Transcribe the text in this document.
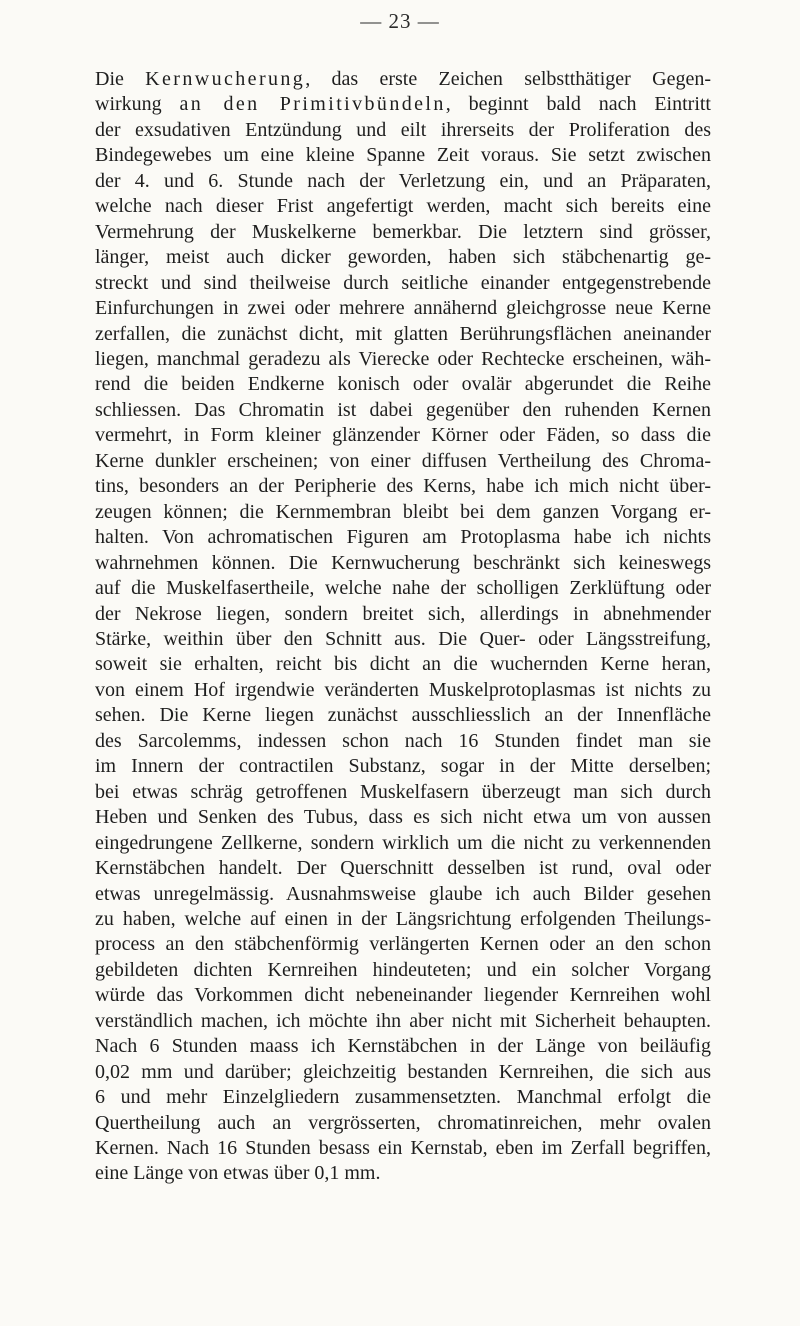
— 23 —
Die Kernwucherung, das erste Zeichen selbstthätiger Gegen-
wirkung an den Primitivbündeln, beginnt bald nach Eintritt
der exsudativen Entzündung und eilt ihrerseits der Proliferation des
Bindegewebes um eine kleine Spanne Zeit voraus. Sie setzt zwischen
der 4. und 6. Stunde nach der Verletzung ein, und an Präparaten,
welche nach dieser Frist angefertigt werden, macht sich bereits eine
Vermehrung der Muskelkerne bemerkbar. Die letztern sind grösser,
länger, meist auch dicker geworden, haben sich stäbchenartig ge-
streckt und sind theilweise durch seitliche einander entgegenstrebende
Einfurchungen in zwei oder mehrere annähernd gleichgrosse neue Kerne
zerfallen, die zunächst dicht, mit glatten Berührungsflächen aneinander
liegen, manchmal geradezu als Vierecke oder Rechtecke erscheinen, wäh-
rend die beiden Endkerne konisch oder ovalär abgerundet die Reihe
schliessen. Das Chromatin ist dabei gegenüber den ruhenden Kernen
vermehrt, in Form kleiner glänzender Körner oder Fäden, so dass die
Kerne dunkler erscheinen; von einer diffusen Vertheilung des Chroma-
tins, besonders an der Peripherie des Kerns, habe ich mich nicht über-
zeugen können; die Kernmembran bleibt bei dem ganzen Vorgang er-
halten. Von achromatischen Figuren am Protoplasma habe ich nichts
wahrnehmen können. Die Kernwucherung beschränkt sich keineswegs
auf die Muskelfasertheile, welche nahe der scholligen Zerklüftung oder
der Nekrose liegen, sondern breitet sich, allerdings in abnehmender
Stärke, weithin über den Schnitt aus. Die Quer- oder Längsstreifung,
soweit sie erhalten, reicht bis dicht an die wuchernden Kerne heran,
von einem Hof irgendwie veränderten Muskelprotoplasmas ist nichts zu
sehen. Die Kerne liegen zunächst ausschliesslich an der Innenfläche
des Sarcolemms, indessen schon nach 16 Stunden findet man sie
im Innern der contractilen Substanz, sogar in der Mitte derselben;
bei etwas schräg getroffenen Muskelfasern überzeugt man sich durch
Heben und Senken des Tubus, dass es sich nicht etwa um von aussen
eingedrungene Zellkerne, sondern wirklich um die nicht zu verkennenden
Kernstäbchen handelt. Der Querschnitt desselben ist rund, oval oder
etwas unregelmässig. Ausnahmsweise glaube ich auch Bilder gesehen
zu haben, welche auf einen in der Längsrichtung erfolgenden Theilungs-
process an den stäbchenförmig verlängerten Kernen oder an den schon
gebildeten dichten Kernreihen hindeuteten; und ein solcher Vorgang
würde das Vorkommen dicht nebeneinander liegender Kernreihen wohl
verständlich machen, ich möchte ihn aber nicht mit Sicherheit behaupten.
Nach 6 Stunden maass ich Kernstäbchen in der Länge von beiläufig
0,02 mm und darüber; gleichzeitig bestanden Kernreihen, die sich aus
6 und mehr Einzelgliedern zusammensetzten. Manchmal erfolgt die
Quertheilung auch an vergrösserten, chromatinreichen, mehr ovalen
Kernen. Nach 16 Stunden besass ein Kernstab, eben im Zerfall begriffen,
eine Länge von etwas über 0,1 mm.
